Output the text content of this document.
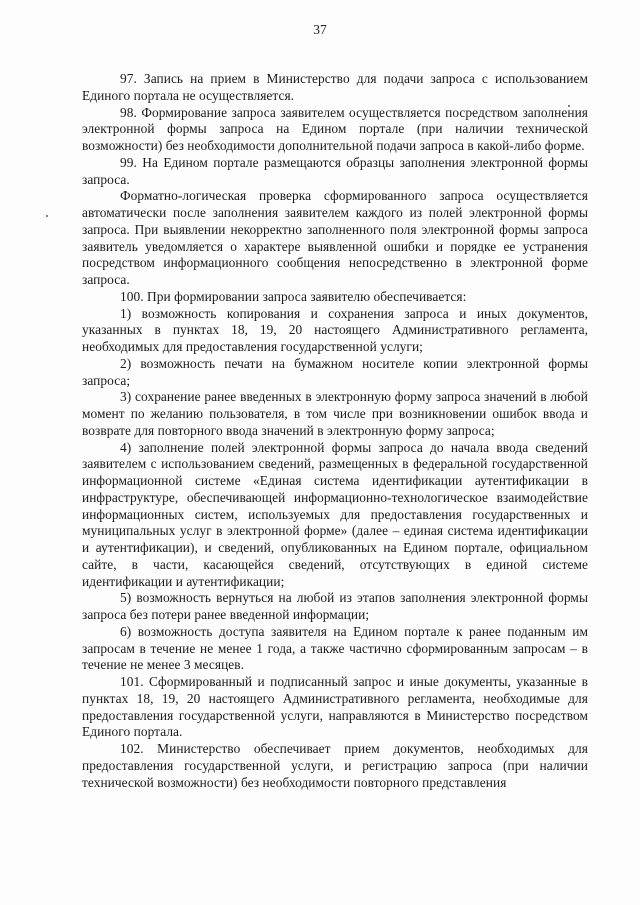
37

97. Запись на прием в Министерство для подачи запроса с использованием Единого портала не осуществляется.

98. Формирование запроса заявителем осуществляется посредством заполнения электронной формы запроса на Едином портале (при наличии технической возможности) без необходимости дополнительной подачи запроса в какой-либо форме.

99. На Едином портале размещаются образцы заполнения электронной формы запроса.

Форматно-логическая проверка сформированного запроса осуществляется автоматически после заполнения заявителем каждого из полей электронной формы запроса. При выявлении некорректно заполненного поля электронной формы запроса заявитель уведомляется о характере выявленной ошибки и порядке ее устранения посредством информационного сообщения непосредственно в электронной форме запроса.

100. При формировании запроса заявителю обеспечивается:

1) возможность копирования и сохранения запроса и иных документов, указанных в пунктах 18, 19, 20 настоящего Административного регламента, необходимых для предоставления государственной услуги;

2) возможность печати на бумажном носителе копии электронной формы запроса;

3) сохранение ранее введенных в электронную форму запроса значений в любой момент по желанию пользователя, в том числе при возникновении ошибок ввода и возврате для повторного ввода значений в электронную форму запроса;

4) заполнение полей электронной формы запроса до начала ввода сведений заявителем с использованием сведений, размещенных в федеральной государственной информационной системе «Единая система идентификации аутентификации в инфраструктуре, обеспечивающей информационно-технологическое взаимодействие информационных систем, используемых для предоставления государственных и муниципальных услуг в электронной форме» (далее – единая система идентификации и аутентификации), и сведений, опубликованных на Едином портале, официальном сайте, в части, касающейся сведений, отсутствующих в единой системе идентификации и аутентификации;

5) возможность вернуться на любой из этапов заполнения электронной формы запроса без потери ранее введенной информации;

6) возможность доступа заявителя на Едином портале к ранее поданным им запросам в течение не менее 1 года, а также частично сформированным запросам – в течение не менее 3 месяцев.

101. Сформированный и подписанный запрос и иные документы, указанные в пунктах 18, 19, 20 настоящего Административного регламента, необходимые для предоставления государственной услуги, направляются в Министерство посредством Единого портала.

102. Министерство обеспечивает прием документов, необходимых для предоставления государственной услуги, и регистрацию запроса (при наличии технической возможности) без необходимости повторного представления
